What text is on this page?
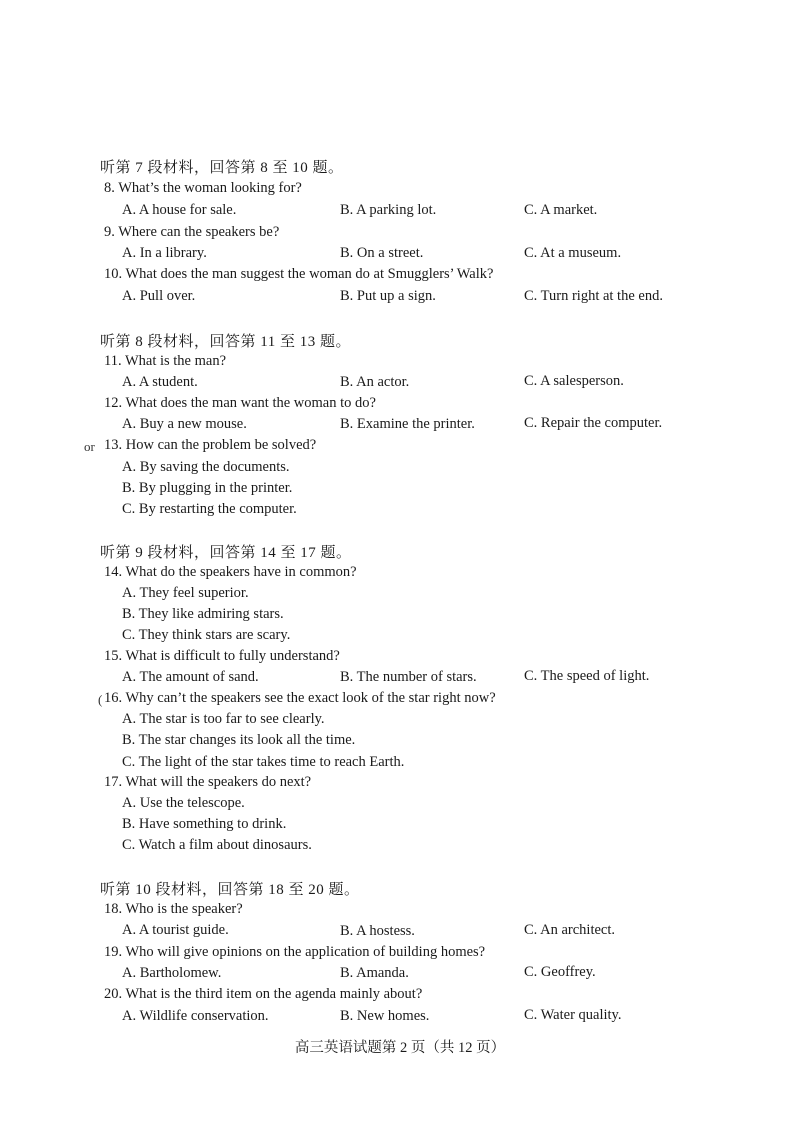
听第 7 段材料，回答第 8 至 10 题。
8. What’s the woman looking for?
A. A house for sale.	B. A parking lot.	C. A market.
9. Where can the speakers be?
A. In a library.	B. On a street.	C. At a museum.
10. What does the man suggest the woman do at Smugglers’ Walk?
A. Pull over.	B. Put up a sign.	C. Turn right at the end.
听第 8 段材料，回答第 11 至 13 题。
11. What is the man?
A. A student.	B. An actor.	C. A salesperson.
12. What does the man want the woman to do?
A. Buy a new mouse.	B. Examine the printer.	C. Repair the computer.
or 13. How can the problem be solved?
A. By saving the documents.
B. By plugging in the printer.
C. By restarting the computer.
听第 9 段材料，回答第 14 至 17 题。
14. What do the speakers have in common?
A. They feel superior.
B. They like admiring stars.
C. They think stars are scary.
15. What is difficult to fully understand?
A. The amount of sand.	B. The number of stars.	C. The speed of light.
( 16. Why can’t the speakers see the exact look of the star right now?
A. The star is too far to see clearly.
B. The star changes its look all the time.
C. The light of the star takes time to reach Earth.
17. What will the speakers do next?
A. Use the telescope.
B. Have something to drink.
C. Watch a film about dinosaurs.
听第 10 段材料，回答第 18 至 20 题。
18. Who is the speaker?
A. A tourist guide.	B. A hostess.	C. An architect.
19. Who will give opinions on the application of building homes?
A. Bartholomew.	B. Amanda.	C. Geoffrey.
20. What is the third item on the agenda mainly about?
A. Wildlife conservation.	B. New homes.	C. Water quality.
高三英语试题第 2 页（共 12 页）
